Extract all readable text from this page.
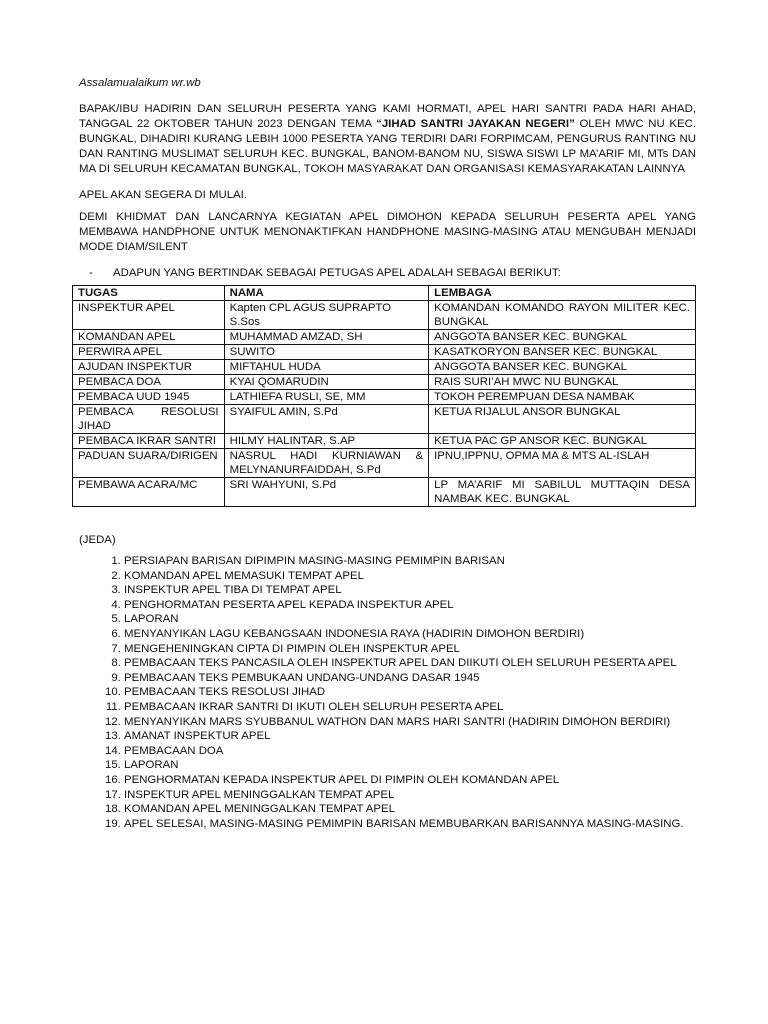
Assalamualaikum wr.wb

BAPAK/IBU HADIRIN DAN SELURUH PESERTA YANG KAMI HORMATI, APEL HARI SANTRI PADA HARI AHAD, TANGGAL 22 OKTOBER TAHUN 2023 DENGAN TEMA “JIHAD SANTRI JAYAKAN NEGERI” OLEH MWC NU KEC. BUNGKAL, DIHADIRI KURANG LEBIH 1000 PESERTA YANG TERDIRI DARI FORPIMCAM, PENGURUS RANTING NU DAN RANTING MUSLIMAT SELURUH KEC. BUNGKAL, BANOM-BANOM NU, SISWA SISWI LP MA’ARIF MI, MTs DAN MA DI SELURUH KECAMATAN BUNGKAL, TOKOH MASYARAKAT DAN ORGANISASI KEMASYARAKATAN LAINNYA

APEL AKAN SEGERA DI MULAI.

DEMI KHIDMAT DAN LANCARNYA KEGIATAN APEL DIMOHON KEPADA SELURUH PESERTA APEL YANG MEMBAWA HANDPHONE UNTUK MENONAKTIFKAN HANDPHONE MASING-MASING ATAU MENGUBAH MENJADI MODE DIAM/SILENT

-	ADAPUN YANG BERTINDAK SEBAGAI PETUGAS APEL ADALAH SEBAGAI BERIKUT:
TUGAS	NAMA	LEMBAGA
INSPEKTUR APEL	Kapten CPL AGUS SUPRAPTO S.Sos	KOMANDAN KOMANDO RAYON MILITER KEC. BUNGKAL
KOMANDAN APEL	MUHAMMAD AMZAD, SH	ANGGOTA BANSER KEC. BUNGKAL
PERWIRA APEL	SUWITO	KASATKORYON BANSER KEC. BUNGKAL
AJUDAN INSPEKTUR	MIFTAHUL HUDA	ANGGOTA BANSER KEC. BUNGKAL
PEMBACA DOA	KYAI QOMARUDIN	RAIS SURI’AH MWC NU BUNGKAL
PEMBACA UUD 1945	LATHIEFA RUSLI, SE, MM	TOKOH PEREMPUAN DESA NAMBAK
PEMBACA RESOLUSI JIHAD	SYAIFUL AMIN, S.Pd	KETUA RIJALUL ANSOR BUNGKAL
PEMBACA IKRAR SANTRI	HILMY HALINTAR, S.AP	KETUA PAC GP ANSOR KEC. BUNGKAL
PADUAN SUARA/DIRIGEN	NASRUL HADI KURNIAWAN & MELYNANURFAIDDAH, S.Pd	IPNU,IPPNU, OPMA MA & MTS AL-ISLAH
PEMBAWA ACARA/MC	SRI WAHYUNI, S.Pd	LP MA’ARIF MI SABILUL MUTTAQIN DESA NAMBAK KEC. BUNGKAL
(JEDA)
1. PERSIAPAN BARISAN DIPIMPIN MASING-MASING PEMIMPIN BARISAN
2. KOMANDAN APEL MEMASUKI TEMPAT APEL
3. INSPEKTUR APEL TIBA DI TEMPAT APEL
4. PENGHORMATAN PESERTA APEL KEPADA INSPEKTUR APEL
5. LAPORAN
6. MENYANYIKAN LAGU KEBANGSAAN INDONESIA RAYA (HADIRIN DIMOHON BERDIRI)
7. MENGEHENINGKAN CIPTA DI PIMPIN OLEH INSPEKTUR APEL
8. PEMBACAAN TEKS PANCASILA OLEH INSPEKTUR APEL DAN DIIKUTI OLEH SELURUH PESERTA APEL
9. PEMBACAAN TEKS PEMBUKAAN UNDANG-UNDANG DASAR 1945
10. PEMBACAAN TEKS RESOLUSI JIHAD
11. PEMBACAAN IKRAR SANTRI DI IKUTI OLEH SELURUH PESERTA APEL
12. MENYANYIKAN MARS SYUBBANUL WATHON DAN MARS HARI SANTRI (HADIRIN DIMOHON BERDIRI)
13. AMANAT INSPEKTUR APEL
14. PEMBACAAN DOA
15. LAPORAN
16. PENGHORMATAN KEPADA INSPEKTUR APEL DI PIMPIN OLEH KOMANDAN APEL
17. INSPEKTUR APEL MENINGGALKAN TEMPAT APEL
18. KOMANDAN APEL MENINGGALKAN TEMPAT APEL
19. APEL SELESAI, MASING-MASING PEMIMPIN BARISAN MEMBUBARKAN BARISANNYA MASING-MASING.
